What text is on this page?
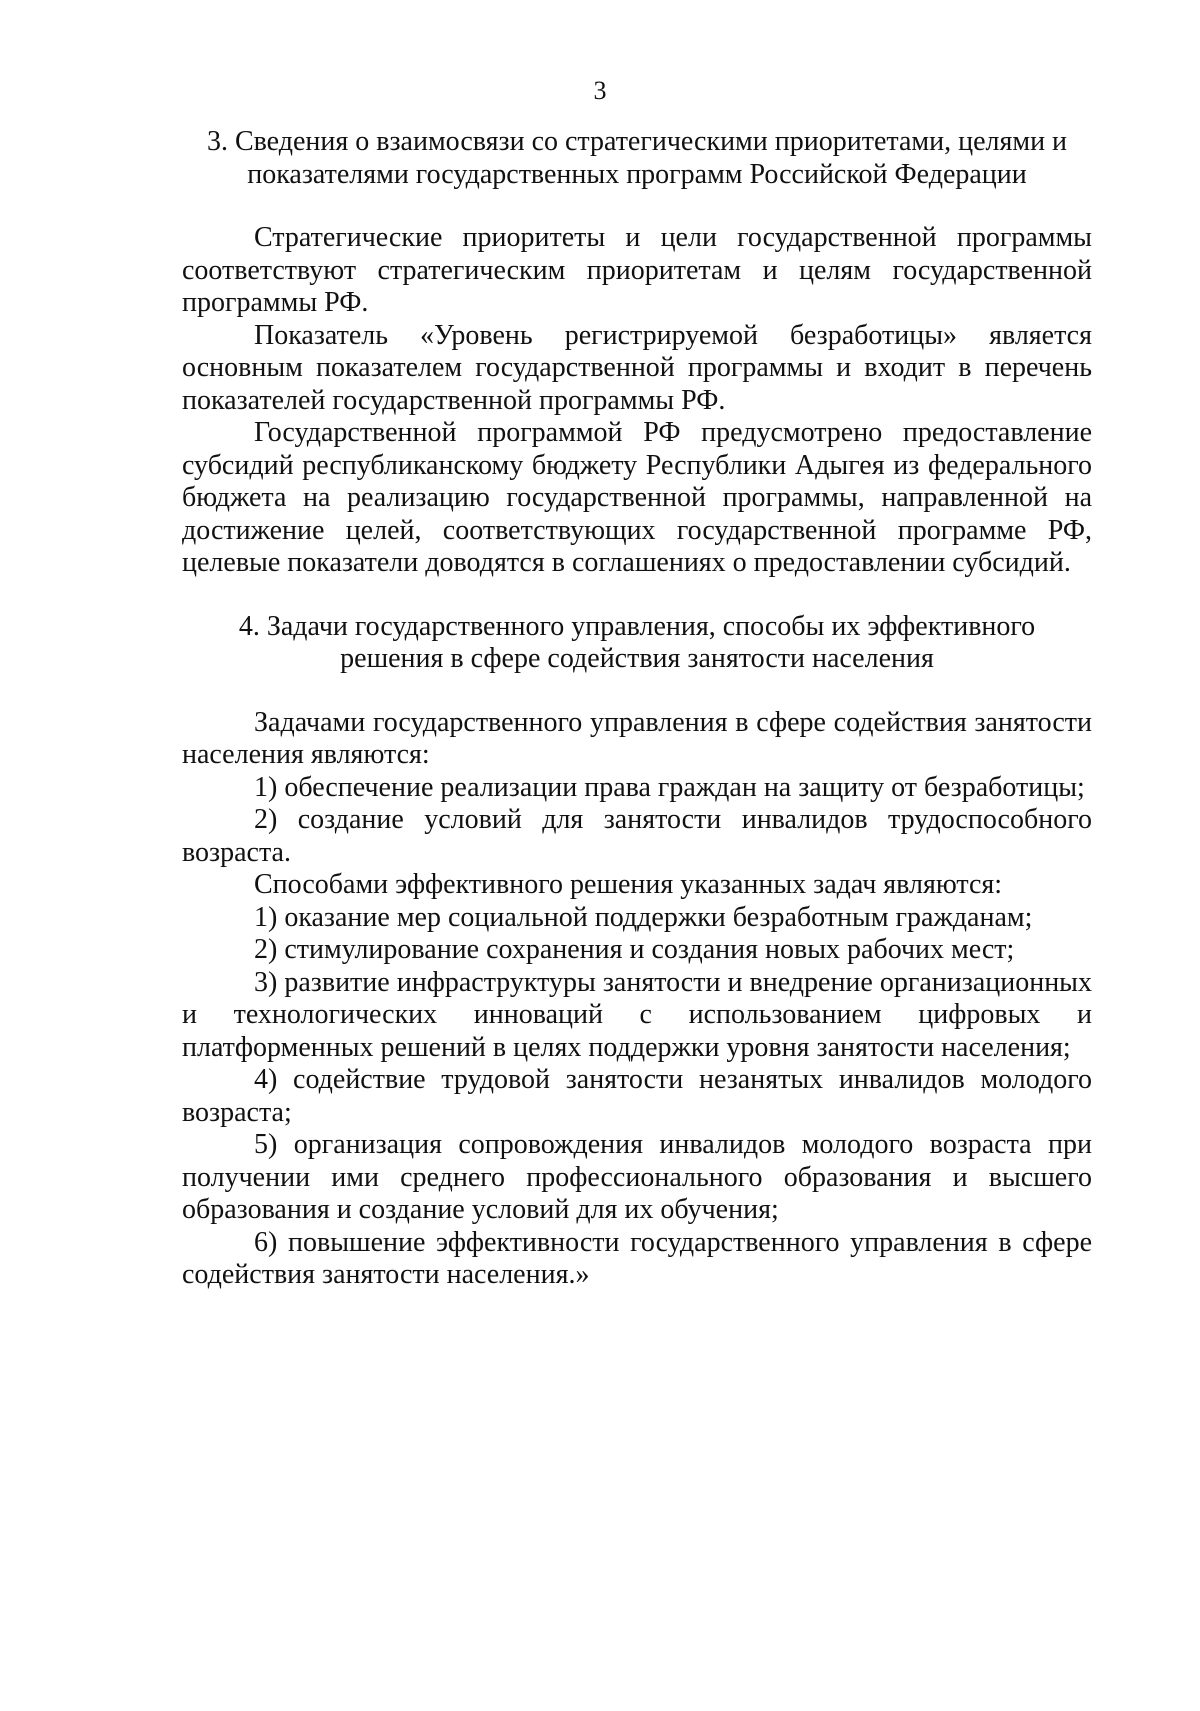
3

3. Сведения о взаимосвязи со стратегическими приоритетами, целями и

показателями государственных программ Российской Федерации

Стратегические приоритеты и цели государственной программы соответствуют стратегическим приоритетам и целям государственной программы РФ.

Показатель «Уровень регистрируемой безработицы» является основным показателем государственной программы и входит в перечень показателей государственной программы РФ.

Государственной программой РФ предусмотрено предоставление субсидий республиканскому бюджету Республики Адыгея из федерального бюджета на реализацию государственной программы, направленной на достижение целей, соответствующих государственной программе РФ, целевые показатели доводятся в соглашениях о предоставлении субсидий.

4. Задачи государственного управления, способы их эффективного

решения в сфере содействия занятости населения

Задачами государственного управления в сфере содействия занятости населения являются:

1) обеспечение реализации права граждан на защиту от безработицы;

2) создание условий для занятости инвалидов трудоспособного возраста.

Способами эффективного решения указанных задач являются:

1) оказание мер социальной поддержки безработным гражданам;

2) стимулирование сохранения и создания новых рабочих мест;

3) развитие инфраструктуры занятости и внедрение организационных и технологических инноваций с использованием цифровых и платформенных решений в целях поддержки уровня занятости населения;

4) содействие трудовой занятости незанятых инвалидов молодого возраста;

5) организация сопровождения инвалидов молодого возраста при получении ими среднего профессионального образования и высшего образования и создание условий для их обучения;

6) повышение эффективности государственного управления в сфере содействия занятости населения.»
